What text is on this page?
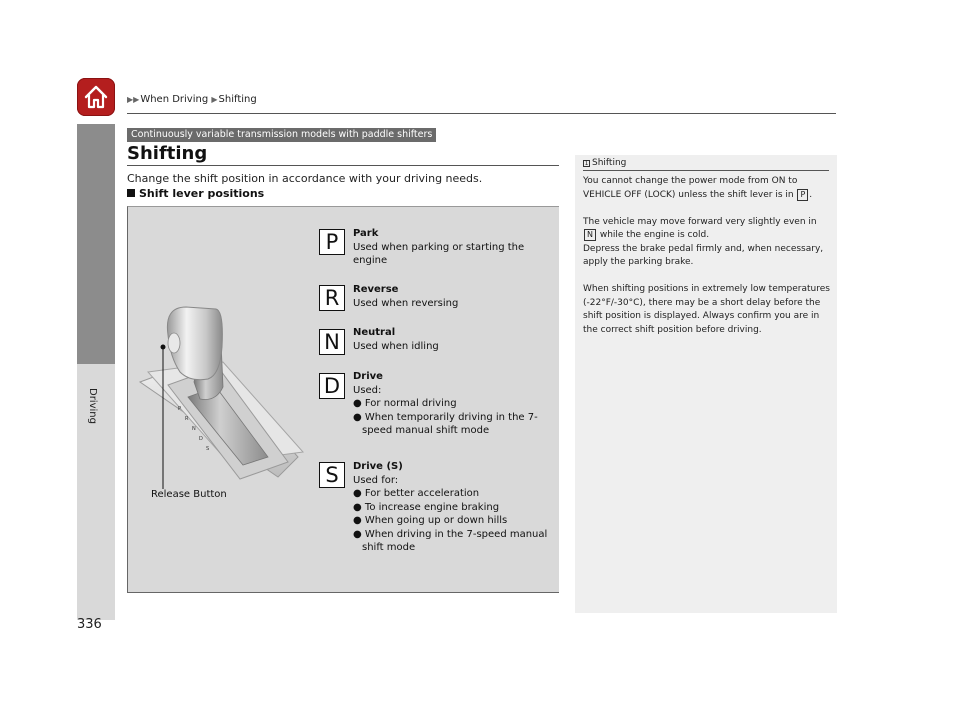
▶▶When Driving ▶Shifting
Driving
Continuously variable transmission models with paddle shifters
Shifting
Change the shift position in accordance with your driving needs.
Shift lever positions
P
R
N
D
S
P	Park
Used when parking or starting the
engine
R	Reverse
Used when reversing
N	Neutral
Used when idling
D	Drive
Used:
● For normal driving
● When temporarily driving in the 7-speed manual shift mode
S	Drive (S)
Used for:
● For better acceleration
● To increase engine braking
● When going up or down hills
● When driving in the 7-speed manual shift mode
Release Button
1 Shifting

You cannot change the power mode from ON to VEHICLE OFF (LOCK) unless the shift lever is in P .

The vehicle may move forward very slightly even in N while the engine is cold.
Depress the brake pedal firmly and, when necessary, apply the parking brake.

When shifting positions in extremely low temperatures (-22°F/-30°C), there may be a short delay before the shift position is displayed. Always confirm you are in the correct shift position before driving.

336
